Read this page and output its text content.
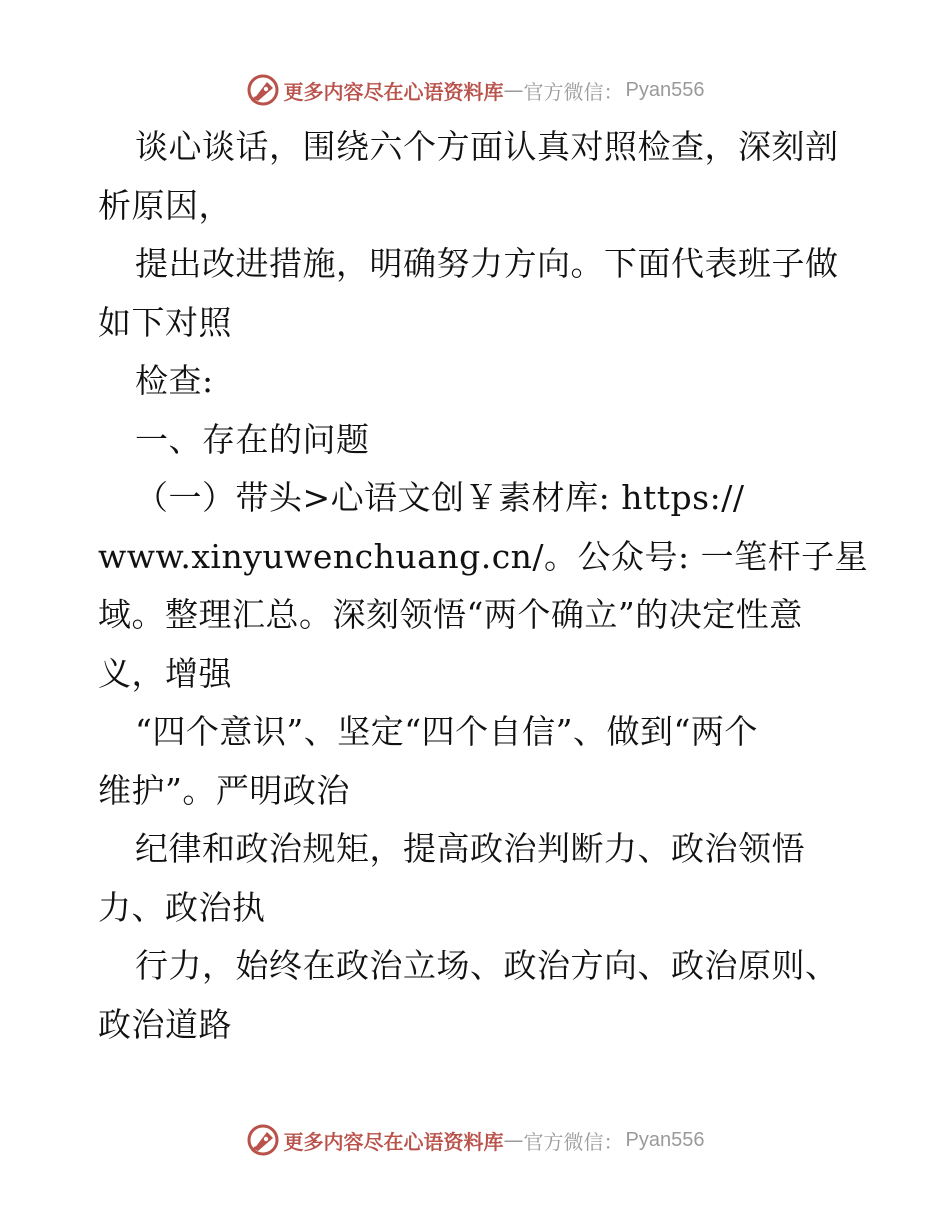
更多内容尽在心语资料库 — 官方微信： Pyan556
谈心谈话，围绕六个方面认真对照检查，深刻剖
析原因，
提出改进措施，明确努力方向。下面代表班子做
如下对照
检查:
一、存在的问题
（一）带头>心语文创￥素材库: https://
www.xinyuwenchuang.cn/。公众号: 一笔杆子星
域。整理汇总。深刻领悟“两个确立”的决定性意
义，增强
“四个意识”、坚定“四个自信”、做到“两个
维护”。严明政治
纪律和政治规矩，提高政治判断力、政治领悟
力、政治执
行力，始终在政治立场、政治方向、政治原则、
政治道路
更多内容尽在心语资料库 — 官方微信： Pyan556
